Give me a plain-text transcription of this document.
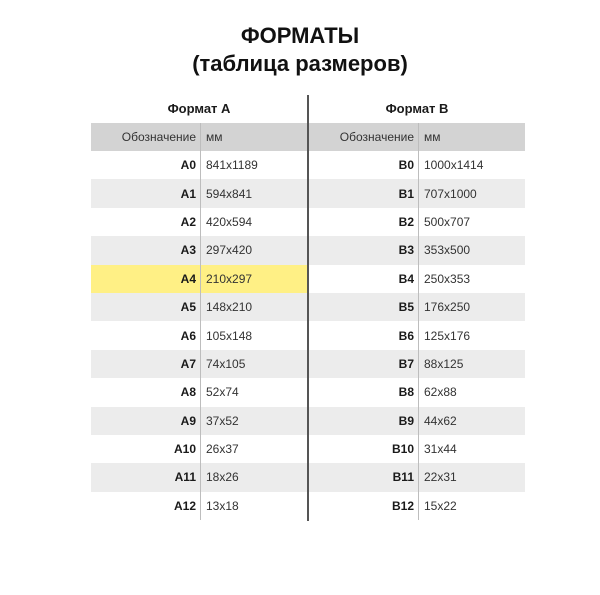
ФОРМАТЫ
(таблица размеров)
Формат А
Обозначение мм
A0 841x1189
A1 594x841
A2 420x594
A3 297x420
A4 210x297
A5 148x210
A6 105x148
A7 74x105
A8 52x74
A9 37x52
A10 26x37
A11 18x26
A12 13x18
Формат B
Обозначение мм
B0 1000x1414
B1 707x1000
B2 500x707
B3 353x500
B4 250x353
B5 176x250
B6 125x176
B7 88x125
B8 62x88
B9 44x62
B10 31x44
B11 22x31
B12 15x22
